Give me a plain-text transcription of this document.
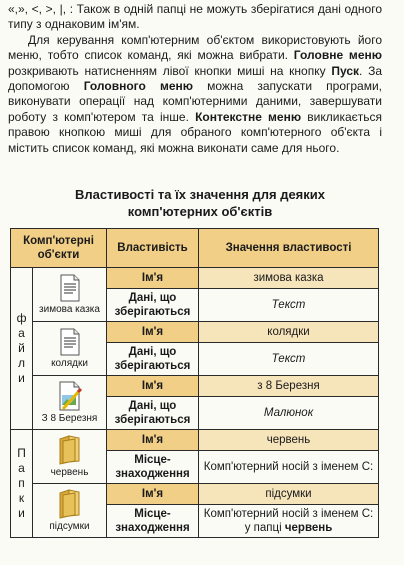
«,», <, >, |, : Також в одній папці не можуть зберігатися дані одного типу з однаковим ім'ям.

Для керування комп'ютерним об'єктом використовують його меню, тобто список команд, які можна вибрати. Головне меню розкривають натисненням лівої кнопки миші на кнопку Пуск. За допомогою Головного меню можна запускати програми, виконувати операції над комп'ютерними даними, завершувати роботу з комп'ютером та інше. Контекстне меню викликається правою кнопкою миші для обраного комп'ютерного об'єкта і містить список команд, які можна виконати саме для нього.

Властивості та їх значення для деяких комп'ютерних об'єктів
Комп'ютерні об'єкти		Властивість	Значення властивості

ф
а
й
л
и	зимова казка	Ім'я	зимова казка
		Дані, що зберігаються	Текст

	колядки	Ім'я	колядки
		Дані, що зберігаються	Текст

	З 8 Березня	Ім'я	з 8 Березня
		Дані, що зберігаються	Малюнок

П
а
п
к
и	червень	Ім'я	червень
		Місце-знаходження	Комп'ютерний носій з іменем С:

	підсумки	Ім'я	підсумки
		Місце-знаходження	Комп'ютерний носій з іменем С: у папці червень
